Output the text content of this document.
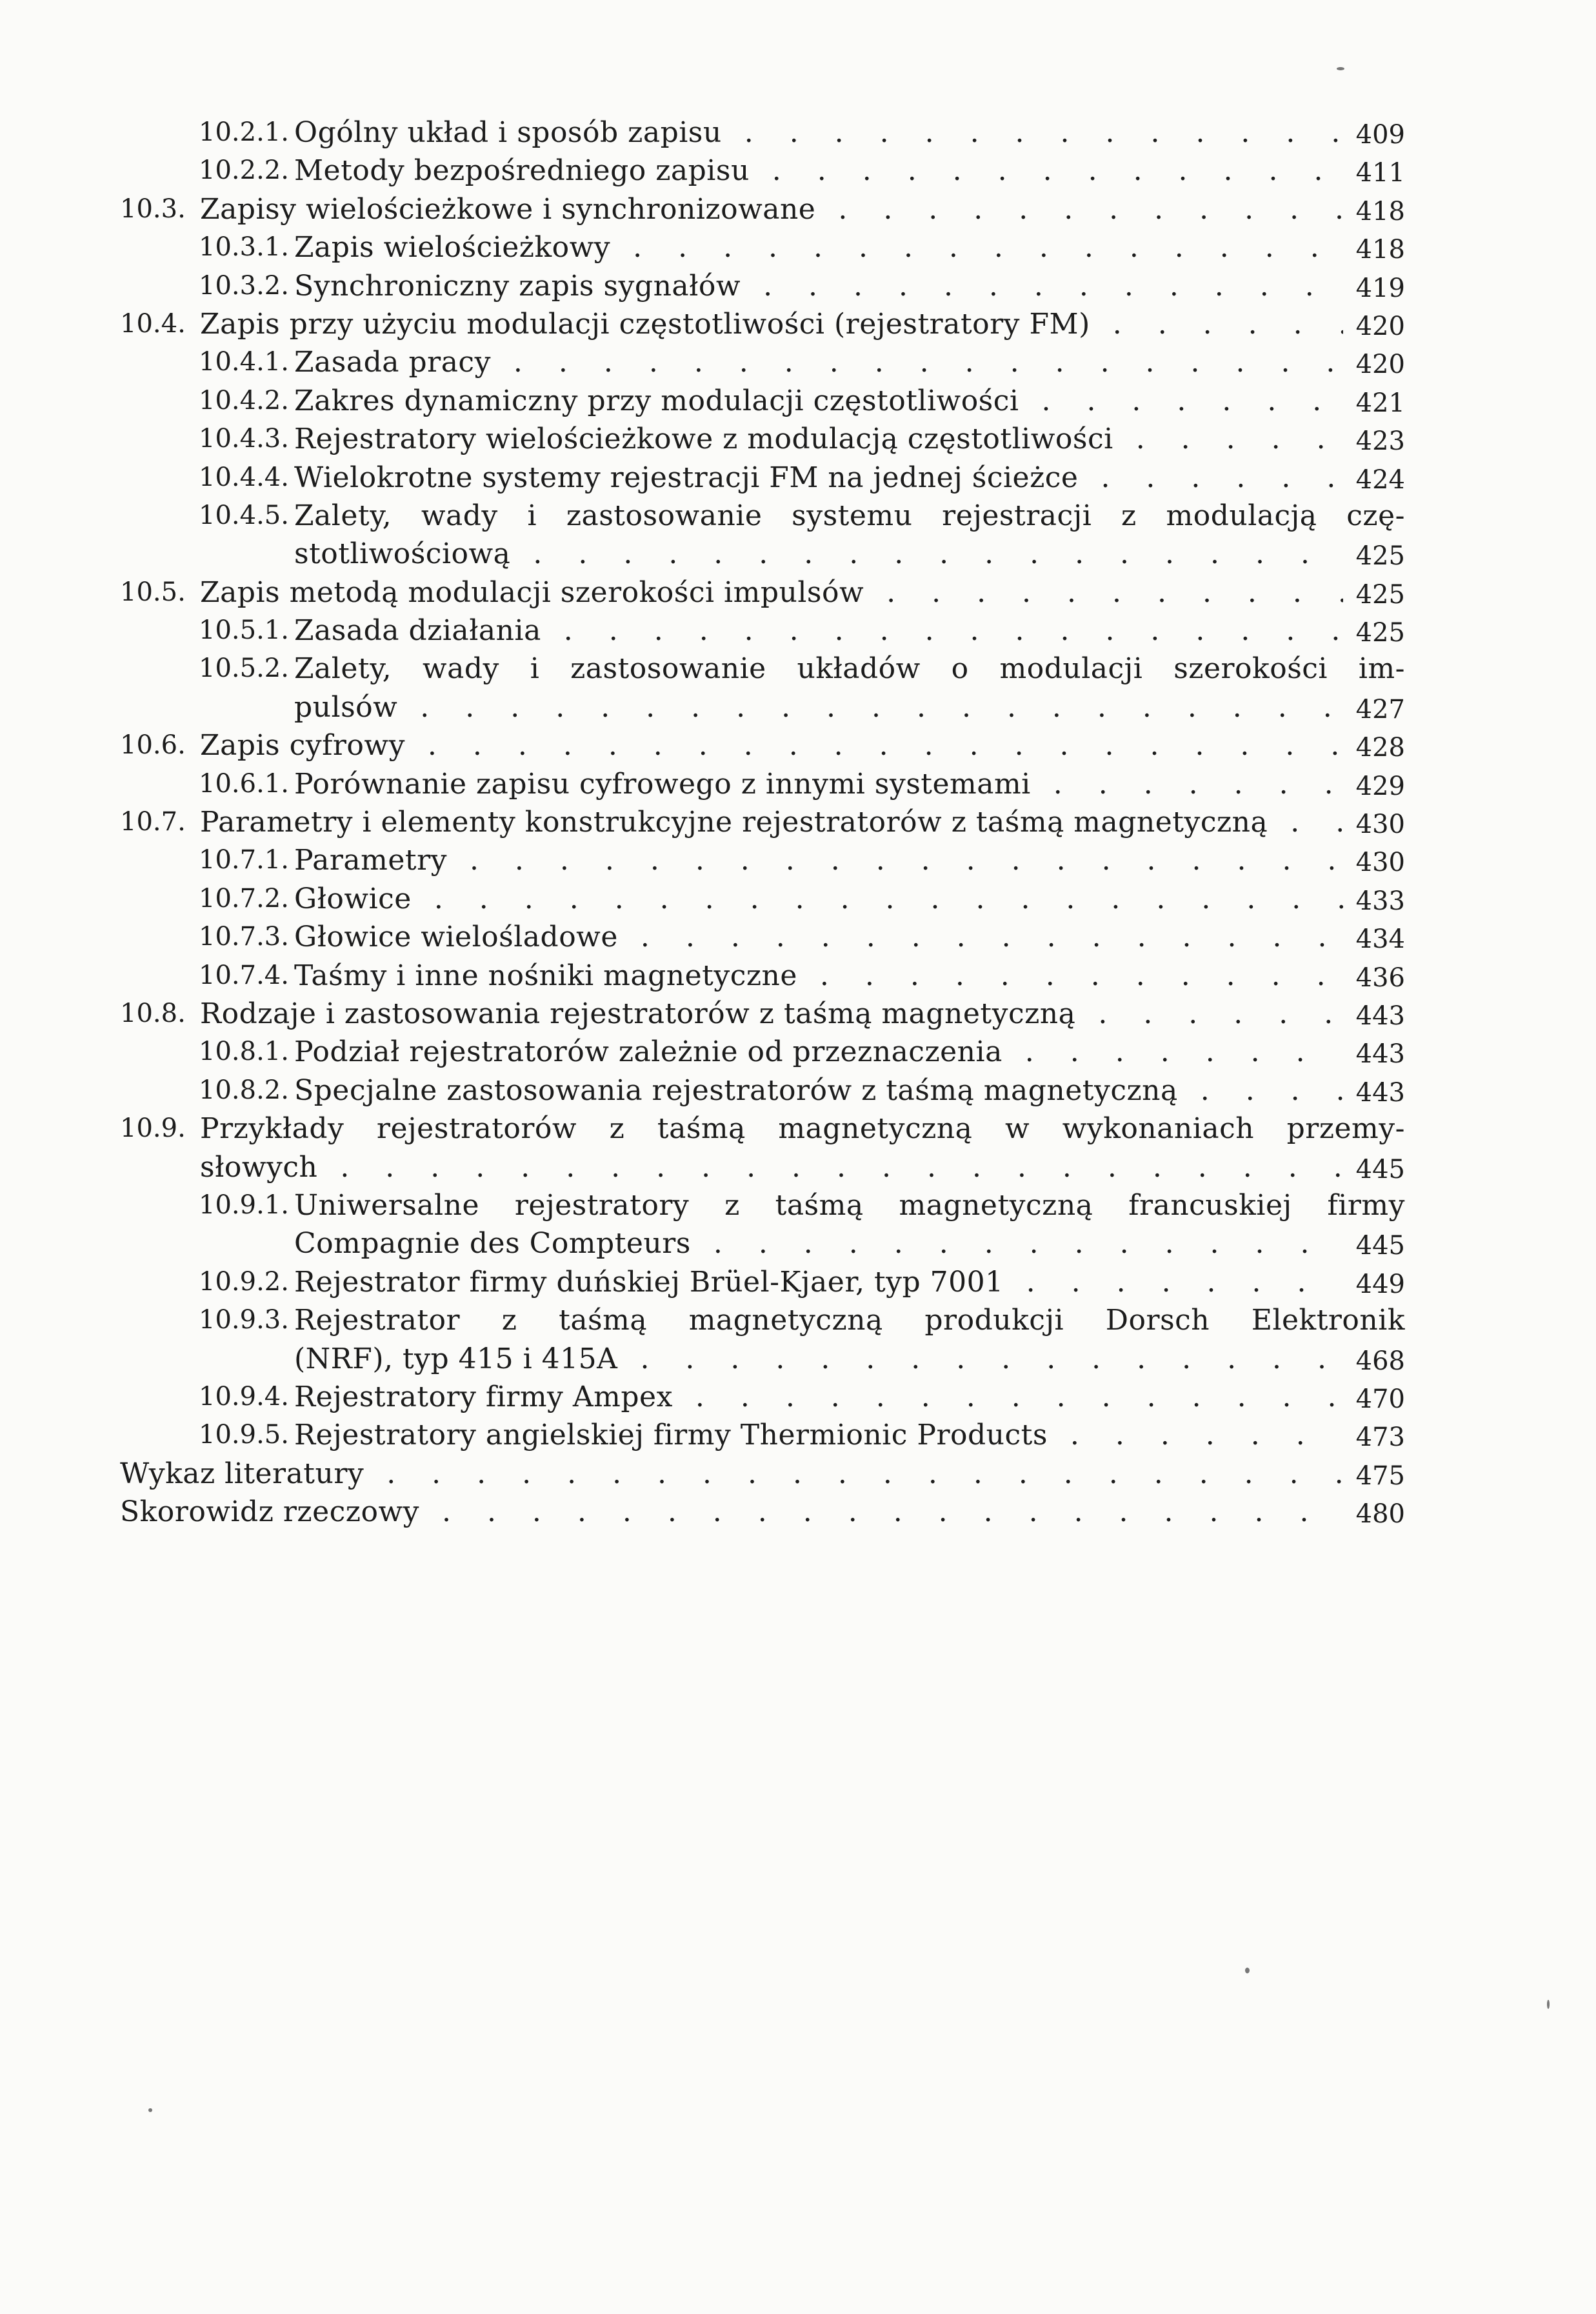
10.2.1. Ogólny układ i sposób zapisu . . .	409
10.2.2. Metody bezpośredniego zapisu . . .	411
10.3. Zapisy wielościeżkowe i synchronizowane . . .	418
10.3.1. Zapis wielościeżkowy . . .	418
10.3.2. Synchroniczny zapis sygnałów . . .	419
10.4. Zapis przy użyciu modulacji częstotliwości (rejestratory FM) . . .	420
10.4.1. Zasada pracy . . .	420
10.4.2. Zakres dynamiczny przy modulacji częstotliwości . . .	421
10.4.3. Rejestratory wielościeżkowe z modulacją częstotliwości . . .	423
10.4.4. Wielokrotne systemy rejestracji FM na jednej ścieżce . . .	424
10.4.5. Zalety, wady i zastosowanie systemu rejestracji z modulacją czę-
stotliwościową . . .	425
10.5. Zapis metodą modulacji szerokości impulsów . . .	425
10.5.1. Zasada działania . . .	425
10.5.2. Zalety, wady i zastosowanie układów o modulacji szerokości im-
pulsów . . .	427
10.6. Zapis cyfrowy . . .	428
10.6.1. Porównanie zapisu cyfrowego z innymi systemami . . .	429
10.7. Parametry i elementy konstrukcyjne rejestratorów z taśmą magnetyczną . . .	430
10.7.1. Parametry . . .	430
10.7.2. Głowice . . .	433
10.7.3. Głowice wielośladowe . . .	434
10.7.4. Taśmy i inne nośniki magnetyczne . . .	436
10.8. Rodzaje i zastosowania rejestratorów z taśmą magnetyczną . . .	443
10.8.1. Podział rejestratorów zależnie od przeznaczenia . . .	443
10.8.2. Specjalne zastosowania rejestratorów z taśmą magnetyczną . . .	443
10.9. Przykłady rejestratorów z taśmą magnetyczną w wykonaniach przemy-
słowych . . .	445
10.9.1. Uniwersalne rejestratory z taśmą magnetyczną francuskiej firmy
Compagnie des Compteurs . . .	445
10.9.2. Rejestrator firmy duńskiej Brüel-Kjaer, typ 7001 . . .	449
10.9.3. Rejestrator z taśmą magnetyczną produkcji Dorsch Elektronik
(NRF), typ 415 i 415A . . .	468
10.9.4. Rejestratory firmy Ampex . . .	470
10.9.5. Rejestratory angielskiej firmy Thermionic Products . . .	473
Wykaz literatury . . .	475
Skorowidz rzeczowy . . .	480
